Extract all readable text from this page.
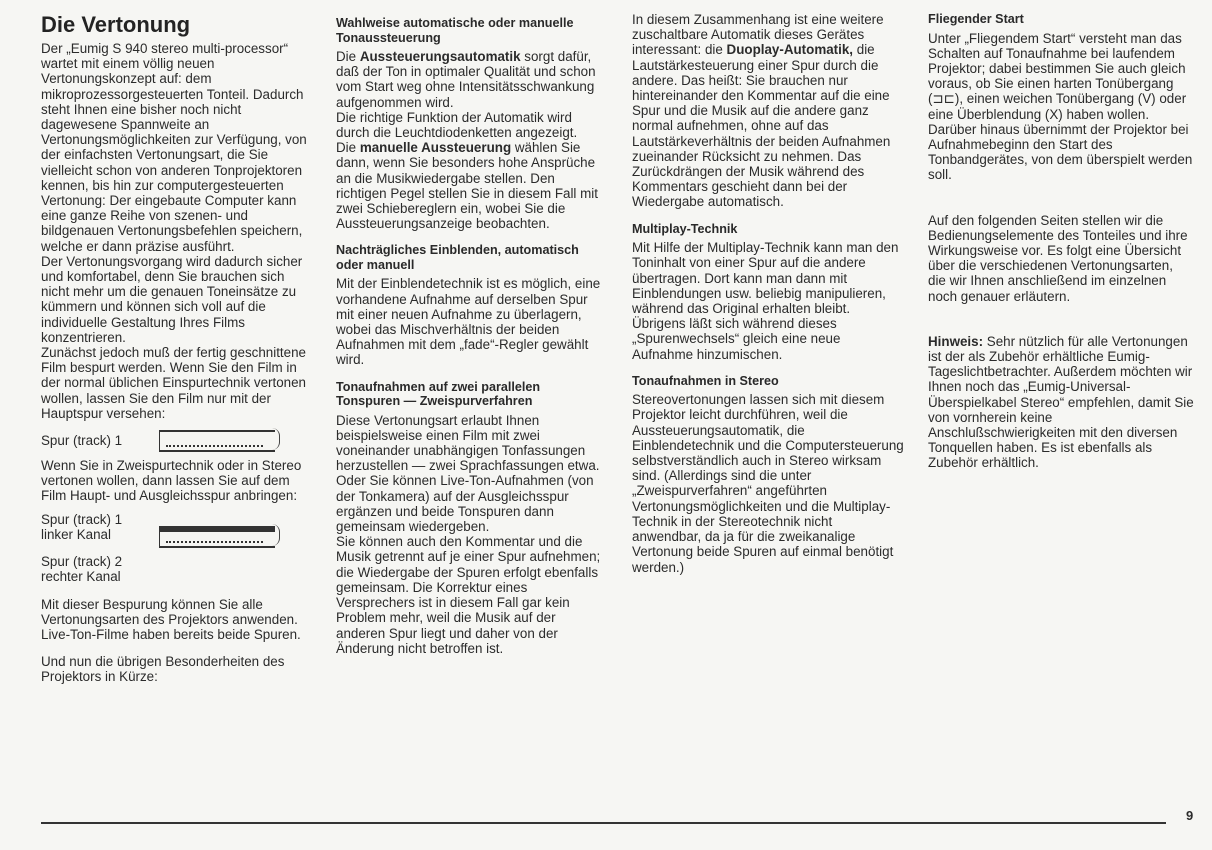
Die Vertonung

Der „Eumig S 940 stereo multi-processor“ wartet mit einem völlig neuen Vertonungskonzept auf: dem mikroprozessorgesteuerten Tonteil. Dadurch steht Ihnen eine bisher noch nicht dagewesene Spannweite an Vertonungsmöglichkeiten zur Verfügung, von der einfachsten Vertonungsart, die Sie vielleicht schon von anderen Tonprojektoren kennen, bis hin zur computergesteuerten Vertonung: Der eingebaute Computer kann eine ganze Reihe von szenen- und bildgenauen Vertonungsbefehlen speichern, welche er dann präzise ausführt.

Der Vertonungsvorgang wird dadurch sicher und komfortabel, denn Sie brauchen sich nicht mehr um die genauen Toneinsätze zu kümmern und können sich voll auf die individuelle Gestaltung Ihres Films konzentrieren.

Zunächst jedoch muß der fertig geschnittene Film bespurt werden. Wenn Sie den Film in der normal üblichen Einspurtechnik vertonen wollen, lassen Sie den Film nur mit der Hauptspur versehen:

Spur (track) 1

Wenn Sie in Zweispurtechnik oder in Stereo vertonen wollen, dann lassen Sie auf dem Film Haupt- und Ausgleichsspur anbringen:

Spur (track) 1

linker Kanal

Spur (track) 2

rechter Kanal

Mit dieser Bespurung können Sie alle Vertonungsarten des Projektors anwenden.

Live-Ton-Filme haben bereits beide Spuren.

Und nun die übrigen Besonderheiten des Projektors in Kürze:

Wahlweise automatische oder manuelle Tonaussteuerung

Die Aussteuerungsautomatik sorgt dafür, daß der Ton in optimaler Qualität und schon vom Start weg ohne Intensitätsschwankung aufgenommen wird.

Die richtige Funktion der Automatik wird durch die Leuchtdiodenketten angezeigt.

Die manuelle Aussteuerung wählen Sie dann, wenn Sie besonders hohe Ansprüche an die Musikwiedergabe stellen. Den richtigen Pegel stellen Sie in diesem Fall mit zwei Schiebereglern ein, wobei Sie die Aussteuerungsanzeige beobachten.

Nachträgliches Einblenden, automatisch oder manuell

Mit der Einblendetechnik ist es möglich, eine vorhandene Aufnahme auf derselben Spur mit einer neuen Aufnahme zu überlagern, wobei das Mischverhältnis der beiden Aufnahmen mit dem „fade“-Regler gewählt wird.

Tonaufnahmen auf zwei parallelen Tonspuren — Zweispurverfahren

Diese Vertonungsart erlaubt Ihnen beispielsweise einen Film mit zwei voneinander unabhängigen Tonfassungen herzustellen — zwei Sprachfassungen etwa.

Oder Sie können Live-Ton-Aufnahmen (von der Tonkamera) auf der Ausgleichsspur ergänzen und beide Tonspuren dann gemeinsam wiedergeben.

Sie können auch den Kommentar und die Musik getrennt auf je einer Spur aufnehmen; die Wiedergabe der Spuren erfolgt ebenfalls gemeinsam. Die Korrektur eines Versprechers ist in diesem Fall gar kein Problem mehr, weil die Musik auf der anderen Spur liegt und daher von der Änderung nicht betroffen ist.

In diesem Zusammenhang ist eine weitere zuschaltbare Automatik dieses Gerätes interessant: die Duoplay-Automatik, die Lautstärkesteuerung einer Spur durch die andere. Das heißt: Sie brauchen nur hintereinander den Kommentar auf die eine Spur und die Musik auf die andere ganz normal aufnehmen, ohne auf das Lautstärkeverhältnis der beiden Aufnahmen zueinander Rücksicht zu nehmen. Das Zurückdrängen der Musik während des Kommentars geschieht dann bei der Wiedergabe automatisch.

Multiplay-Technik

Mit Hilfe der Multiplay-Technik kann man den Toninhalt von einer Spur auf die andere übertragen. Dort kann man dann mit Einblendungen usw. beliebig manipulieren, während das Original erhalten bleibt. Übrigens läßt sich während dieses „Spurenwechsels“ gleich eine neue Aufnahme hinzumischen.

Tonaufnahmen in Stereo

Stereovertonungen lassen sich mit diesem Projektor leicht durchführen, weil die Aussteuerungsautomatik, die Einblendetechnik und die Computersteuerung selbstverständlich auch in Stereo wirksam sind. (Allerdings sind die unter „Zweispurverfahren“ angeführten Vertonungsmöglichkeiten und die Multiplay-Technik in der Stereotechnik nicht anwendbar, da ja für die zweikanalige Vertonung beide Spuren auf einmal benötigt werden.)

Fliegender Start

Unter „Fliegendem Start“ versteht man das Schalten auf Tonaufnahme bei laufendem Projektor; dabei bestimmen Sie auch gleich voraus, ob Sie einen harten Tonübergang (⊐⊏), einen weichen Tonübergang (V) oder eine Überblendung (X) haben wollen.

Darüber hinaus übernimmt der Projektor bei Aufnahmebeginn den Start des Tonbandgerätes, von dem überspielt werden soll.

Auf den folgenden Seiten stellen wir die Bedienungselemente des Tonteiles und ihre Wirkungsweise vor. Es folgt eine Übersicht über die verschiedenen Vertonungsarten, die wir Ihnen anschließend im einzelnen noch genauer erläutern.

Hinweis: Sehr nützlich für alle Vertonungen ist der als Zubehör erhältliche Eumig-Tageslichtbetrachter. Außerdem möchten wir Ihnen noch das „Eumig-Universal-Überspielkabel Stereo“ empfehlen, damit Sie von vornherein keine Anschlußschwierigkeiten mit den diversen Tonquellen haben. Es ist ebenfalls als Zubehör erhältlich.

9
